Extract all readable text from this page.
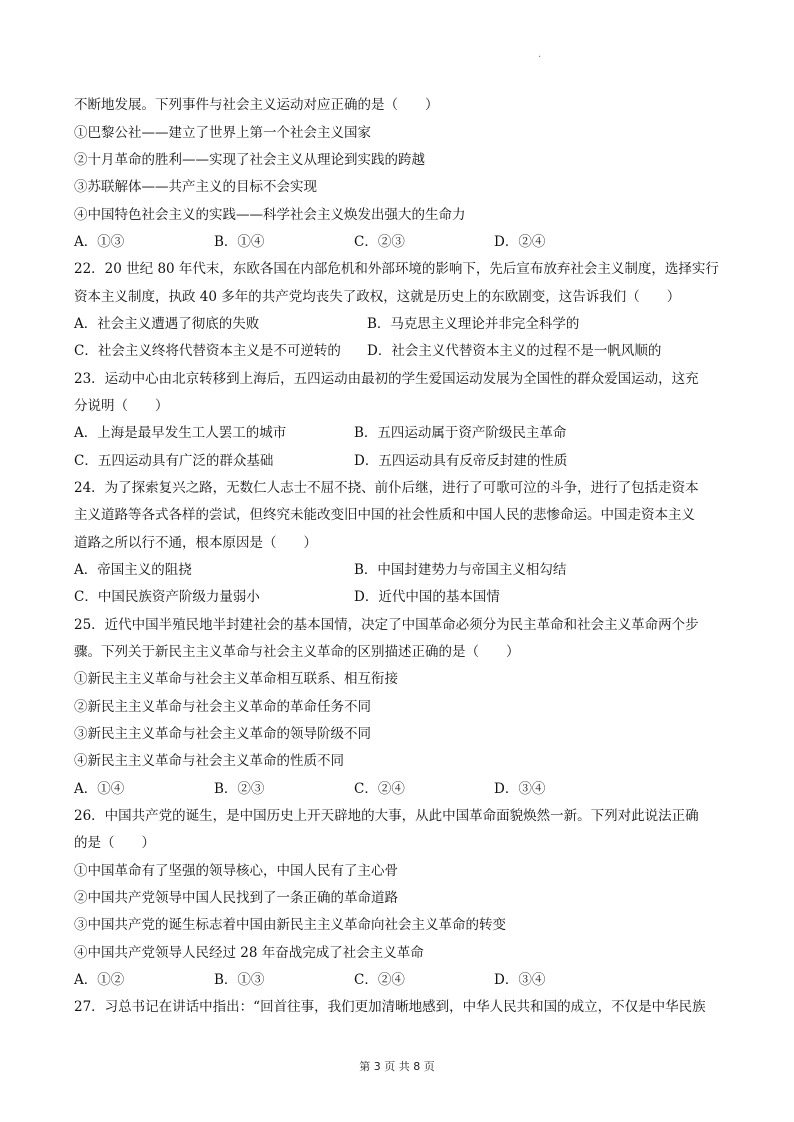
·
不断地发展。下列事件与社会主义运动对应正确的是（　　）
①巴黎公社——建立了世界上第一个社会主义国家
②十月革命的胜利——实现了社会主义从理论到实践的跨越
③苏联解体——共产主义的目标不会实现
④中国特色社会主义的实践——科学社会主义焕发出强大的生命力
A．①③	B．①④	C．②③	D．②④
22．20 世纪 80 年代末，东欧各国在内部危机和外部环境的影响下，先后宣布放弃社会主义制度，选择实行
资本主义制度，执政 40 多年的共产党均丧失了政权，这就是历史上的东欧剧变，这告诉我们（　　）
A．社会主义遭遇了彻底的失败	B．马克思主义理论并非完全科学的
C．社会主义终将代替资本主义是不可逆转的 D．社会主义代替资本主义的过程不是一帆风顺的
23．运动中心由北京转移到上海后，五四运动由最初的学生爱国运动发展为全国性的群众爱国运动，这充
分说明（　　）
A．上海是最早发生工人罢工的城市	B．五四运动属于资产阶级民主革命
C．五四运动具有广泛的群众基础	D．五四运动具有反帝反封建的性质
24．为了探索复兴之路，无数仁人志士不屈不挠、前仆后继，进行了可歌可泣的斗争，进行了包括走资本
主义道路等各式各样的尝试，但终究未能改变旧中国的社会性质和中国人民的悲惨命运。中国走资本主义
道路之所以行不通，根本原因是（　　）
A．帝国主义的阻挠	B．中国封建势力与帝国主义相勾结
C．中国民族资产阶级力量弱小	D．近代中国的基本国情
25．近代中国半殖民地半封建社会的基本国情，决定了中国革命必须分为民主革命和社会主义革命两个步
骤。下列关于新民主主义革命与社会主义革命的区别描述正确的是（　　）
①新民主主义革命与社会主义革命相互联系、相互衔接
②新民主主义革命与社会主义革命的革命任务不同
③新民主主义革命与社会主义革命的领导阶级不同
④新民主主义革命与社会主义革命的性质不同
A．①④	B．②③	C．②④	D．③④
26．中国共产党的诞生，是中国历史上开天辟地的大事，从此中国革命面貌焕然一新。下列对此说法正确
的是（　　）
①中国革命有了坚强的领导核心，中国人民有了主心骨
②中国共产党领导中国人民找到了一条正确的革命道路
③中国共产党的诞生标志着中国由新民主主义革命向社会主义革命的转变
④中国共产党领导人民经过 28 年奋战完成了社会主义革命
A．①②	B．①③	C．②④	D．③④
27．习总书记在讲话中指出：“回首往事，我们更加清晰地感到，中华人民共和国的成立，不仅是中华民族
第 3 页 共 8 页
